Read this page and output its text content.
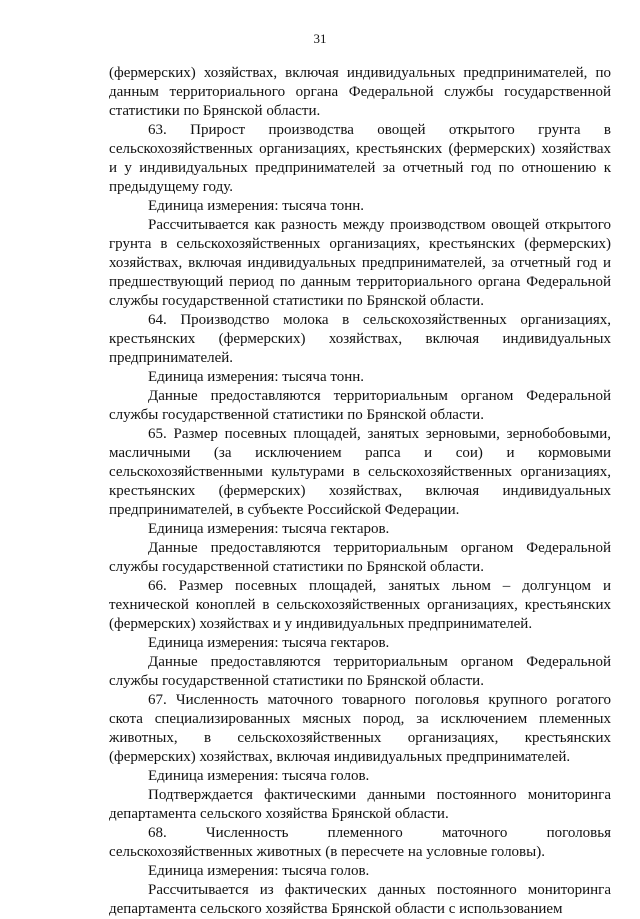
31

(фермерских) хозяйствах, включая индивидуальных предпринимателей, по данным территориального органа Федеральной службы государственной статистики по Брянской области.

63. Прирост производства овощей открытого грунта в сельскохозяйственных организациях, крестьянских (фермерских) хозяйствах и у индивидуальных предпринимателей за отчетный год по отношению к предыдущему году.

Единица измерения: тысяча тонн.

Рассчитывается как разность между производством овощей открытого грунта в сельскохозяйственных организациях, крестьянских (фермерских) хозяйствах, включая индивидуальных предпринимателей, за отчетный год и предшествующий период по данным территориального органа Федеральной службы государственной статистики по Брянской области.

64. Производство молока в сельскохозяйственных организациях, крестьянских (фермерских) хозяйствах, включая индивидуальных предпринимателей.

Единица измерения: тысяча тонн.

Данные предоставляются территориальным органом Федеральной службы государственной статистики по Брянской области.

65. Размер посевных площадей, занятых зерновыми, зернобобовыми, масличными (за исключением рапса и сои) и кормовыми сельскохозяйственными культурами в сельскохозяйственных организациях, крестьянских (фермерских) хозяйствах, включая индивидуальных предпринимателей, в субъекте Российской Федерации.

Единица измерения: тысяча гектаров.

Данные предоставляются территориальным органом Федеральной службы государственной статистики по Брянской области.

66. Размер посевных площадей, занятых льном – долгунцом и технической коноплей в сельскохозяйственных организациях, крестьянских (фермерских) хозяйствах и у индивидуальных предпринимателей.

Единица измерения: тысяча гектаров.

Данные предоставляются территориальным органом Федеральной службы государственной статистики по Брянской области.

67. Численность маточного товарного поголовья крупного рогатого скота специализированных мясных пород, за исключением племенных животных, в сельскохозяйственных организациях, крестьянских (фермерских) хозяйствах, включая индивидуальных предпринимателей.

Единица измерения: тысяча голов.

Подтверждается фактическими данными постоянного мониторинга департамента сельского хозяйства Брянской области.

68. Численность племенного маточного поголовья сельскохозяйственных животных (в пересчете на условные головы).

Единица измерения: тысяча голов.

Рассчитывается из фактических данных постоянного мониторинга департамента сельского хозяйства Брянской области с использованием
